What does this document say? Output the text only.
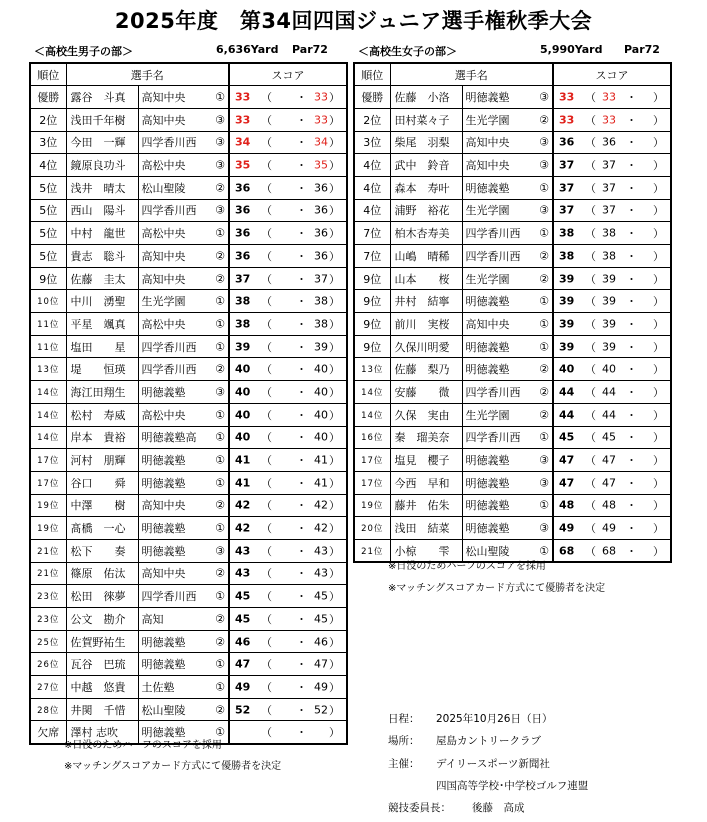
2025年度　第34回四国ジュニア選手権秋季大会

＜高校生男子の部＞

	6,636Yard

Par72

	＜高校生女子の部＞

	5,990Yard

Par72

順位	選手名		スコア
優勝	露谷　斗真	高知中央 ①	33 （ ・ 33 ）

2位	浅田千年樹	高知中央 ③	33 （ ・ 33 ）

3位	今田　一輝	四学香川西 ③	34 （ ・ 34 ）

4位	鏡原良功斗	高松中央 ③	35 （ ・ 35 ）

5位	浅井　晴太	松山聖陵 ②	36 （ ・ 36 ）

5位	西山　陽斗	四学香川西 ③	36 （ ・ 36 ）

5位	中村　龍世	高松中央 ①	36 （ ・ 36 ）

5位	貴志　聡斗	高知中央 ②	36 （ ・ 36 ）

9位	佐藤　圭太	高知中央 ②	37 （ ・ 37 ）

10位	中川　湧聖	生光学園 ①	38 （ ・ 38 ）

11位	平星　颯真	高松中央 ①	38 （ ・ 38 ）

11位	塩田　　星	四学香川西 ①	39 （ ・ 39 ）

13位	堤　　恒瑛	四学香川西 ②	40 （ ・ 40 ）

14位	海江田翔生	明徳義塾 ③	40 （ ・ 40 ）

14位	松村　寿威	高松中央 ①	40 （ ・ 40 ）

14位	岸本　貴裕	明徳義塾高 ①	40 （ ・ 40 ）

17位	河村　朋輝	明徳義塾 ①	41 （ ・ 41 ）

17位	谷口　　舜	明徳義塾 ①	41 （ ・ 41 ）

19位	中澤　　樹	高知中央 ②	42 （ ・ 42 ）

19位	髙橋　一心	明徳義塾 ①	42 （ ・ 42 ）

21位	松下　　奏	明徳義塾 ③	43 （ ・ 43 ）

21位	篠原　佑汰	高知中央 ②	43 （ ・ 43 ）

23位	松田　徠夢	四学香川西 ①	45 （ ・ 45 ）

23位	公文　勘介	高知 ②	45 （ ・ 45 ）

25位	佐賀野祐生	明徳義塾 ②	46 （ ・ 46 ）

26位	瓦谷　巴琉	明徳義塾 ①	47 （ ・ 47 ）

27位	中越　悠貴	土佐塾 ①	49 （ ・ 49 ）

28位	井関　千惜	松山聖陵 ②	52 （ ・ 52 ）

欠席	澤村 志吹	明徳義塾 ①	（ ・ ）
順位	選手名		スコア
優勝	佐藤　小洛	明徳義塾 ③	33 （ 33 ・ ）

2位	田村菜々子	生光学園 ②	33 （ 33 ・ ）

3位	柴尾　羽梨	高知中央 ③	36 （ 36 ・ ）

4位	武中　鈴音	高知中央 ③	37 （ 37 ・ ）

4位	森本　寿叶	明徳義塾 ①	37 （ 37 ・ ）

4位	浦野　裕花	生光学園 ③	37 （ 37 ・ ）

7位	柏木杏寿美	四学香川西 ①	38 （ 38 ・ ）

7位	山嶋　晴稀	四学香川西 ②	38 （ 38 ・ ）

9位	山本　　桜	生光学園 ②	39 （ 39 ・ ）

9位	井村　結寧	明徳義塾 ①	39 （ 39 ・ ）

9位	前川　実桜	高知中央 ①	39 （ 39 ・ ）

9位	久保川明愛	明徳義塾 ①	39 （ 39 ・ ）

13位	佐藤　梨乃	明徳義塾 ②	40 （ 40 ・ ）

14位	安藤　　微	四学香川西 ②	44 （ 44 ・ ）

14位	久保　実由	生光学園 ②	44 （ 44 ・ ）

16位	秦　瑠美奈	四学香川西 ①	45 （ 45 ・ ）

17位	塩見　櫻子	明徳義塾 ③	47 （ 47 ・ ）

17位	今西　早和	明徳義塾 ③	47 （ 47 ・ ）

19位	藤井　佑朱	明徳義塾 ①	48 （ 48 ・ ）

20位	浅田　結菜	明徳義塾 ③	49 （ 49 ・ ）

21位	小椋　　雫	松山聖陵 ①	68 （ 68 ・ ）
※日没のためハーフのスコアを採用
※マッチングスコアカード方式にて優勝者を決定
※日没のためハーフのスコアを採用
※マッチングスコアカード方式にて優勝者を決定
日程： 2025年10月26日（日）
場所： 屋島カントリークラブ
主催： デイリースポーツ新聞社
四国高等学校･中学校ゴルフ連盟
競技委員長： 後藤　高成
